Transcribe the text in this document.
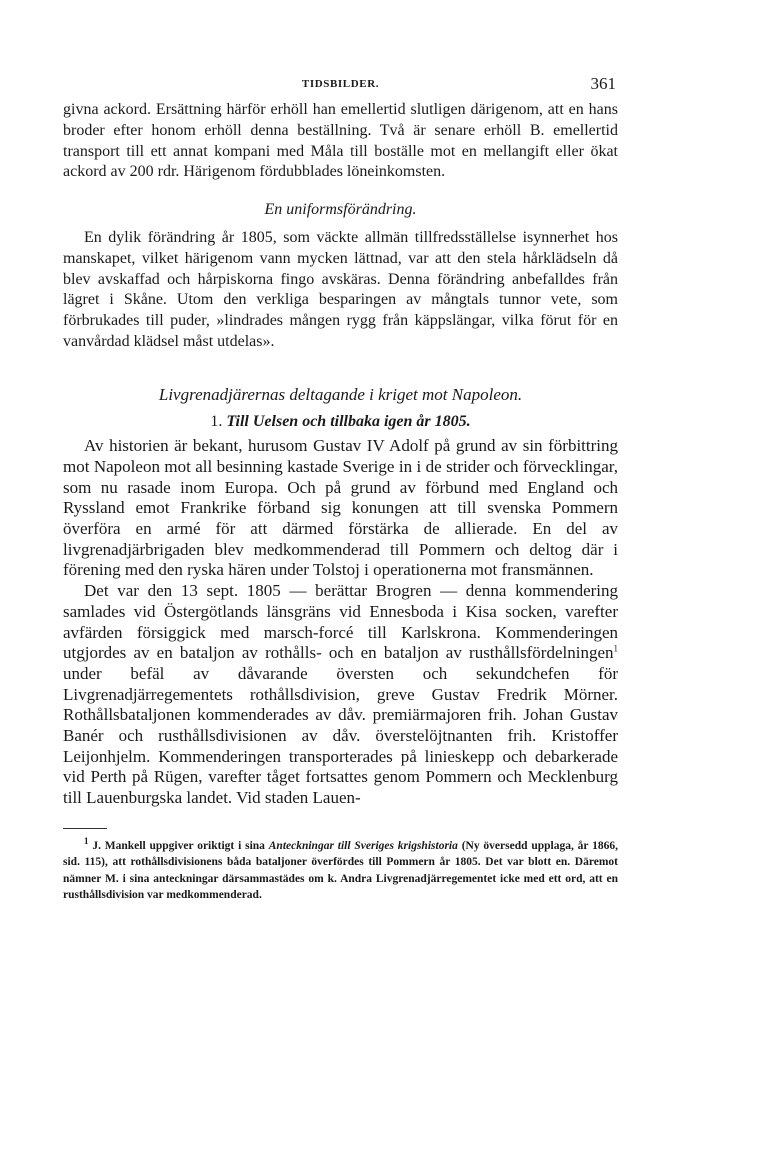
TIDSBILDER.	361

givna ackord. Ersättning härför erhöll han emellertid slutligen därigenom, att en hans broder efter honom erhöll denna beställning. Två är senare erhöll B. emellertid transport till ett annat kompani med Måla till boställe mot en mellangift eller ökat ackord av 200 rdr. Härigenom fördubblades löneinkomsten.

En uniformsförändring.

En dylik förändring år 1805, som väckte allmän tillfredsställelse isynnerhet hos manskapet, vilket härigenom vann mycken lättnad, var att den stela hårklädseln då blev avskaffad och hårpiskorna fingo avskäras. Denna förändring anbefalldes från lägret i Skåne. Utom den verkliga besparingen av mångtals tunnor vete, som förbrukades till puder, »lindrades mången rygg från käppslängar, vilka förut för en vanvårdad klädsel måst utdelas».

Livgrenadjärernas deltagande i kriget mot Napoleon.

1. Till Uelsen och tillbaka igen år 1805.

Av historien är bekant, hurusom Gustav IV Adolf på grund av sin förbittring mot Napoleon mot all besinning kastade Sverige in i de strider och förvecklingar, som nu rasade inom Europa. Och på grund av förbund med England och Ryssland emot Frankrike förband sig konungen att till svenska Pommern överföra en armé för att därmed förstärka de allierade. En del av livgrenadjärbrigaden blev medkommenderad till Pommern och deltog där i förening med den ryska hären under Tolstoj i operationerna mot fransmännen.

Det var den 13 sept. 1805 — berättar Brogren — denna kommendering samlades vid Östergötlands länsgräns vid Ennesboda i Kisa socken, varefter avfärden försiggick med marsch-forcé till Karlskrona. Kommenderingen utgjordes av en bataljon av rothålls- och en bataljon av rusthållsfördelningen$^1$ under befäl av dåvarande översten och sekundchefen för Livgrenadjärregementets rothållsdivision, greve Gustav Fredrik Mörner. Rothållsbataljonen kommenderades av dåv. premiärmajoren frih. Johan Gustav Banér och rusthållsdivisionen av dåv. överstelöjtnanten frih. Kristoffer Leijonhjelm. Kommenderingen transporterades på linieskepp och debarkerade vid Perth på Rügen, varefter tåget fortsattes genom Pommern och Mecklenburg till Lauenburgska landet. Vid staden Lauen-

$^1$ J. Mankell uppgiver oriktigt i sina Anteckningar till Sveriges krigshistoria (Ny översedd upplaga, år 1866, sid. 115), att rothållsdivisionens båda bataljoner överfördes till Pommern år 1805. Det var blott en. Däremot nämner M. i sina anteckningar därsammastädes om k. Andra Livgrenadjärregementet icke med ett ord, att en rusthållsdivision var medkommenderad.
